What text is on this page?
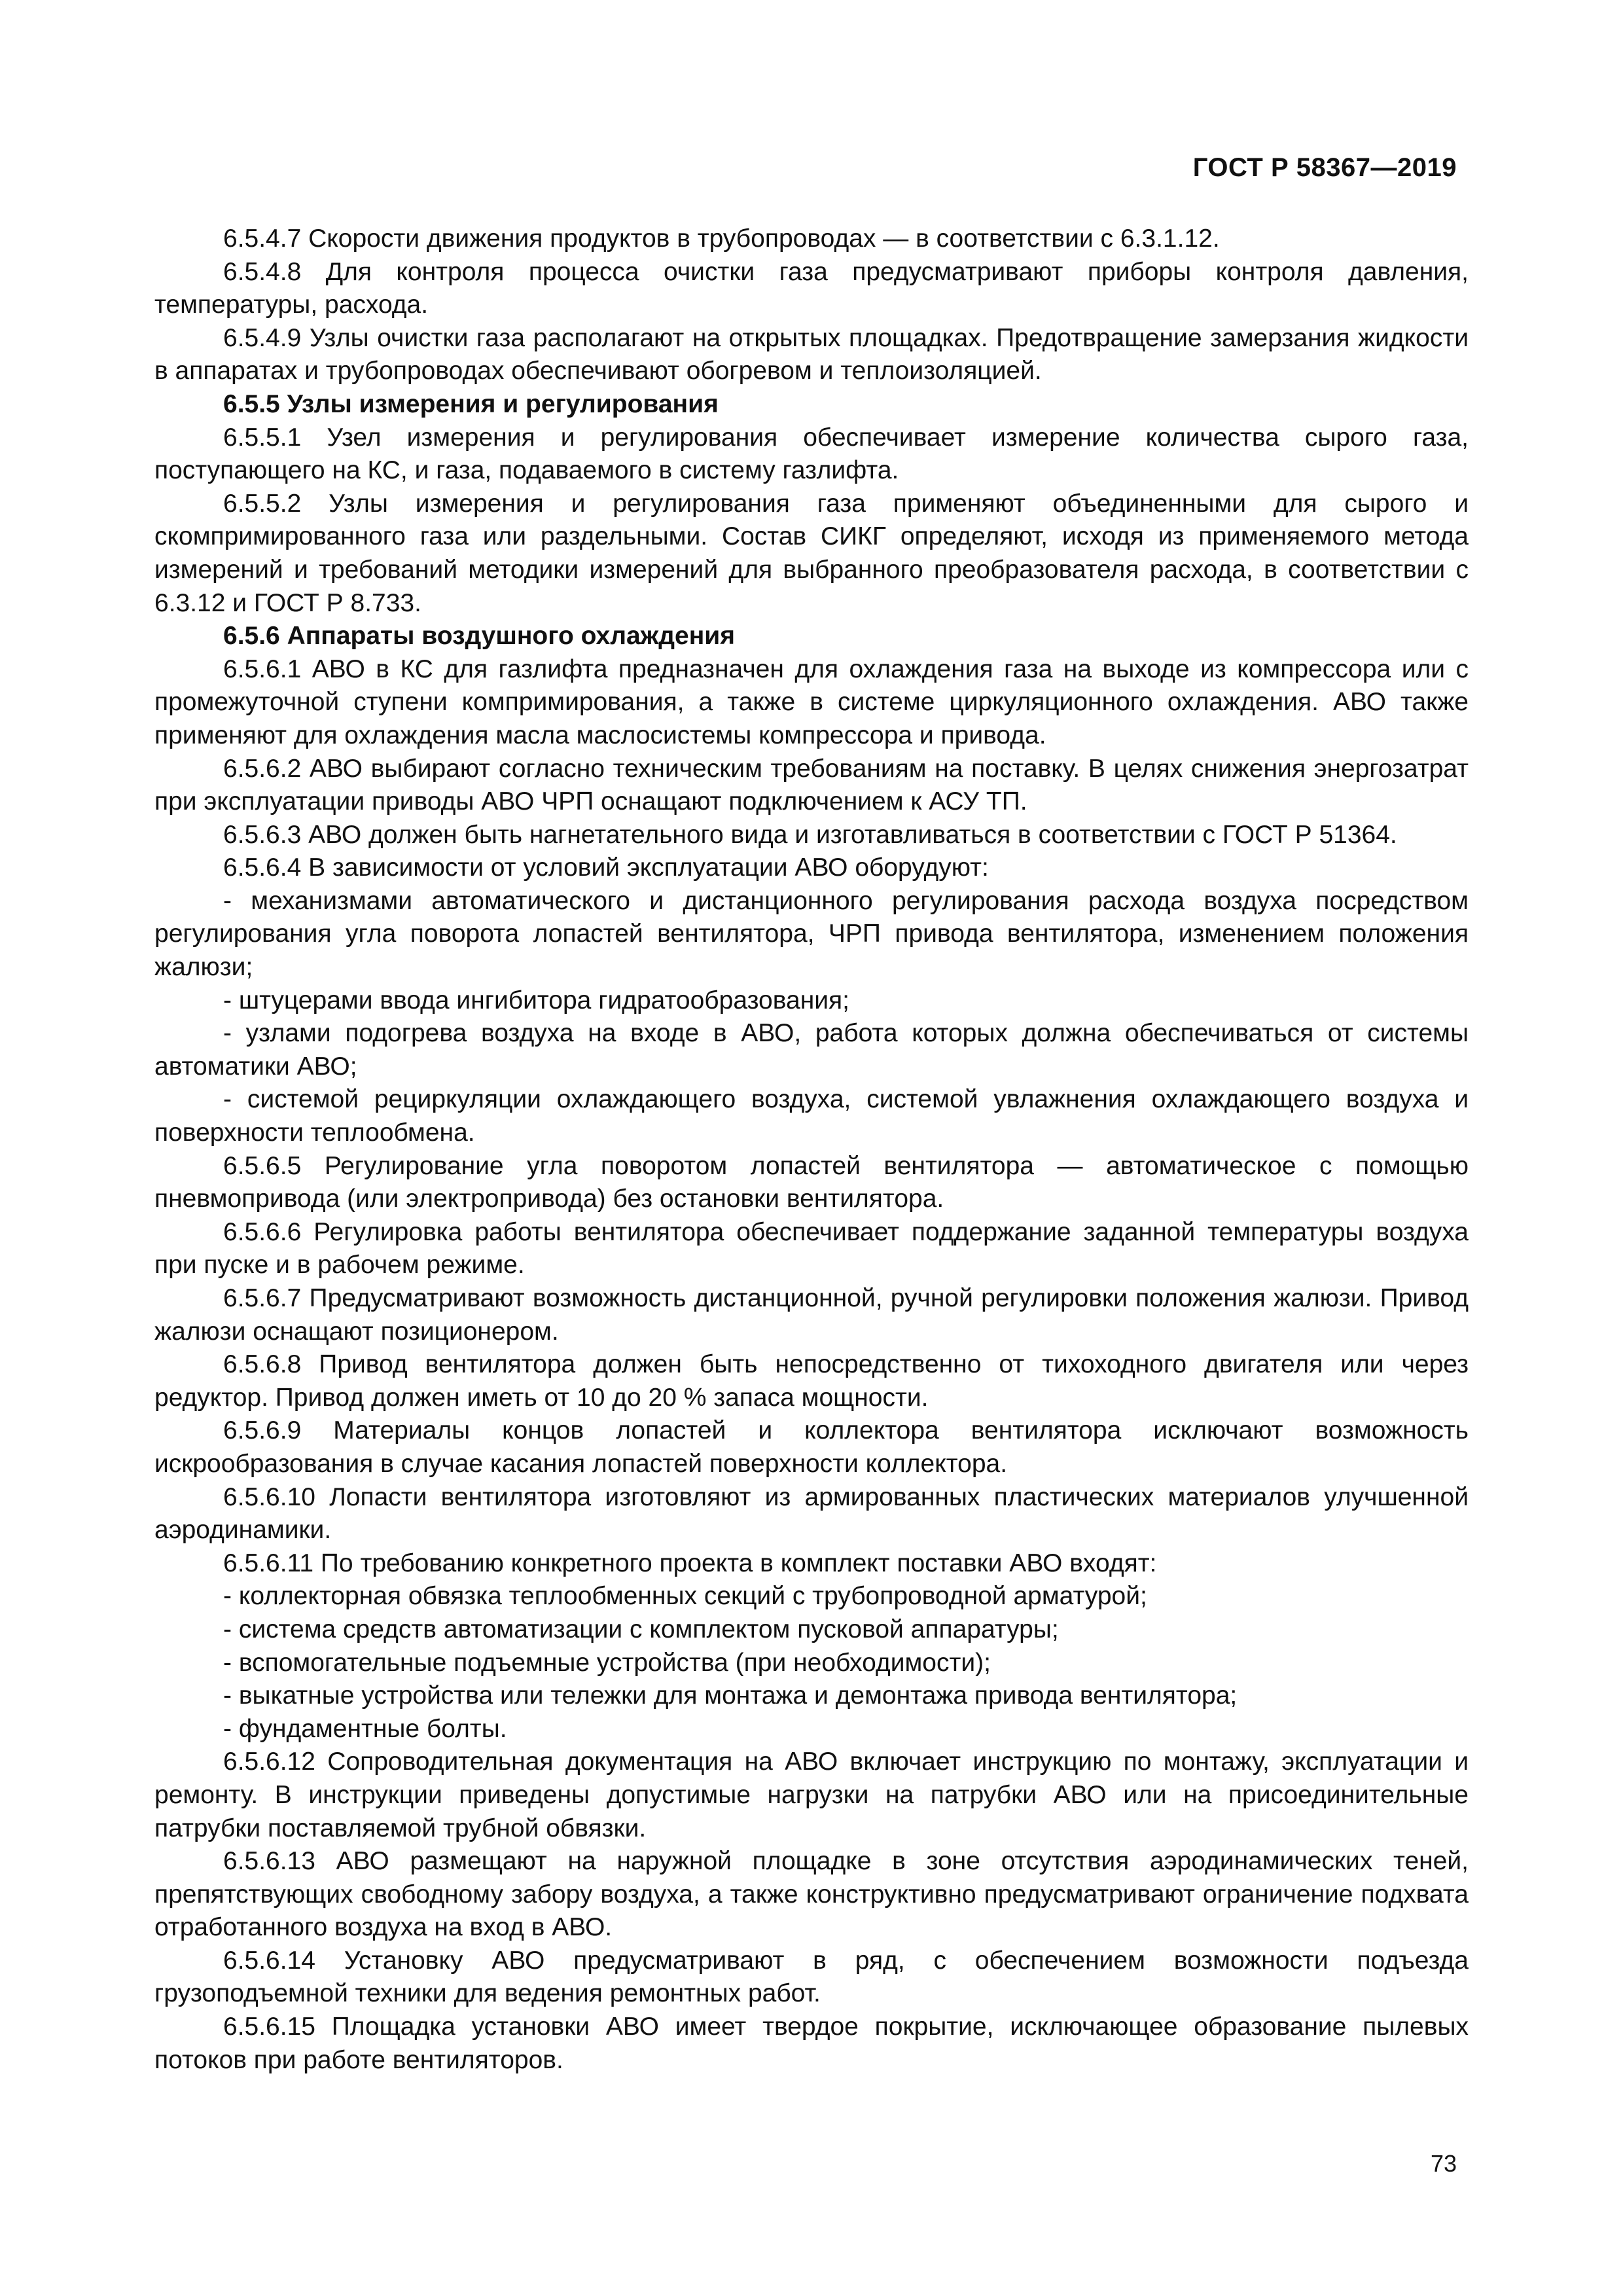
ГОСТ Р 58367—2019

6.5.4.7 Скорости движения продуктов в трубопроводах — в соответствии с 6.3.1.12.

6.5.4.8 Для контроля процесса очистки газа предусматривают приборы контроля давления, температуры, расхода.

6.5.4.9 Узлы очистки газа располагают на открытых площадках. Предотвращение замерзания жидкости в аппаратах и трубопроводах обеспечивают обогревом и теплоизоляцией.

6.5.5 Узлы измерения и регулирования

6.5.5.1 Узел измерения и регулирования обеспечивает измерение количества сырого газа, поступающего на КС, и газа, подаваемого в систему газлифта.

6.5.5.2 Узлы измерения и регулирования газа применяют объединенными для сырого и скомпримированного газа или раздельными. Состав СИКГ определяют, исходя из применяемого метода измерений и требований методики измерений для выбранного преобразователя расхода, в соответствии с 6.3.12 и ГОСТ Р 8.733.

6.5.6 Аппараты воздушного охлаждения

6.5.6.1 АВО в КС для газлифта предназначен для охлаждения газа на выходе из компрессора или с промежуточной ступени компримирования, а также в системе циркуляционного охлаждения. АВО также применяют для охлаждения масла маслосистемы компрессора и привода.

6.5.6.2 АВО выбирают согласно техническим требованиям на поставку. В целях снижения энергозатрат при эксплуатации приводы АВО ЧРП оснащают подключением к АСУ ТП.

6.5.6.3 АВО должен быть нагнетательного вида и изготавливаться в соответствии с ГОСТ Р 51364.

6.5.6.4 В зависимости от условий эксплуатации АВО оборудуют:

- механизмами автоматического и дистанционного регулирования расхода воздуха посредством регулирования угла поворота лопастей вентилятора, ЧРП привода вентилятора, изменением положения жалюзи;

- штуцерами ввода ингибитора гидратообразования;

- узлами подогрева воздуха на входе в АВО, работа которых должна обеспечиваться от системы автоматики АВО;

- системой рециркуляции охлаждающего воздуха, системой увлажнения охлаждающего воздуха и поверхности теплообмена.

6.5.6.5 Регулирование угла поворотом лопастей вентилятора — автоматическое с помощью пневмопривода (или электропривода) без остановки вентилятора.

6.5.6.6 Регулировка работы вентилятора обеспечивает поддержание заданной температуры воздуха при пуске и в рабочем режиме.

6.5.6.7 Предусматривают возможность дистанционной, ручной регулировки положения жалюзи. Привод жалюзи оснащают позиционером.

6.5.6.8 Привод вентилятора должен быть непосредственно от тихоходного двигателя или через редуктор. Привод должен иметь от 10 до 20 % запаса мощности.

6.5.6.9 Материалы концов лопастей и коллектора вентилятора исключают возможность искрообразования в случае касания лопастей поверхности коллектора.

6.5.6.10 Лопасти вентилятора изготовляют из армированных пластических материалов улучшенной аэродинамики.

6.5.6.11 По требованию конкретного проекта в комплект поставки АВО входят:

- коллекторная обвязка теплообменных секций с трубопроводной арматурой;

- система средств автоматизации с комплектом пусковой аппаратуры;

- вспомогательные подъемные устройства (при необходимости);

- выкатные устройства или тележки для монтажа и демонтажа привода вентилятора;

- фундаментные болты.

6.5.6.12 Сопроводительная документация на АВО включает инструкцию по монтажу, эксплуатации и ремонту. В инструкции приведены допустимые нагрузки на патрубки АВО или на присоединительные патрубки поставляемой трубной обвязки.

6.5.6.13 АВО размещают на наружной площадке в зоне отсутствия аэродинамических теней, препятствующих свободному забору воздуха, а также конструктивно предусматривают ограничение подхвата отработанного воздуха на вход в АВО.

6.5.6.14 Установку АВО предусматривают в ряд, с обеспечением возможности подъезда грузоподъемной техники для ведения ремонтных работ.

6.5.6.15 Площадка установки АВО имеет твердое покрытие, исключающее образование пылевых потоков при работе вентиляторов.

73
